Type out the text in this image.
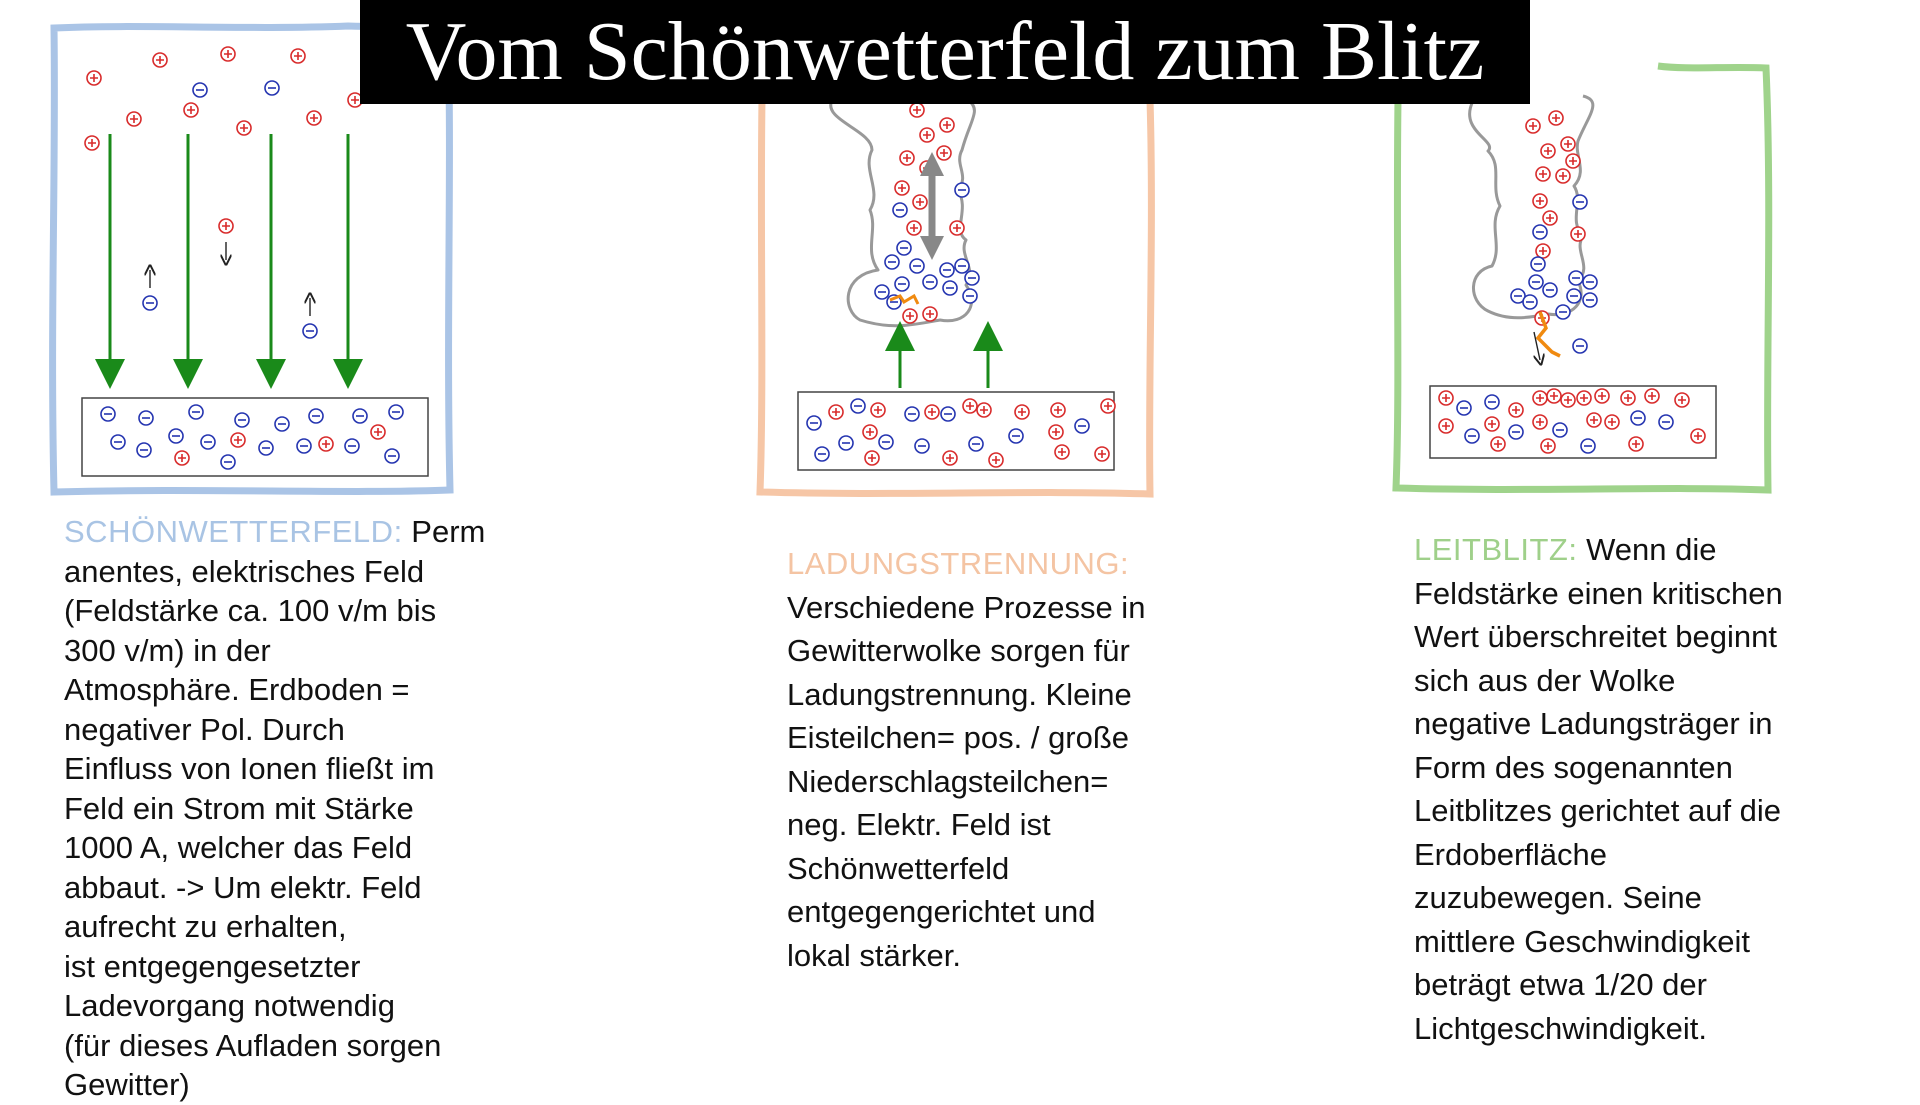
Vom Schönwetterfeld zum Blitz

SCHÖNWETTERFELD: Perm

anentes, elektrisches Feld

(Feldstärke ca. 100 v/m bis

300 v/m) in der

Atmosphäre. Erdboden =

negativer Pol. Durch

Einfluss von Ionen fließt im

Feld ein Strom mit Stärke

1000 A, welcher das Feld

abbaut. -> Um elektr. Feld

aufrecht zu erhalten,

ist entgegengesetzter

Ladevorgang notwendig

(für dieses Aufladen sorgen

Gewitter)

LADUNGSTRENNUNG:

Verschiedene Prozesse in

Gewitterwolke sorgen für

Ladungstrennung. Kleine

Eisteilchen= pos. / große

Niederschlagsteilchen=

neg. Elektr. Feld ist

Schönwetterfeld

entgegengerichtet und

lokal stärker.

LEITBLITZ: Wenn die

Feldstärke einen kritischen

Wert überschreitet beginnt

sich aus der Wolke

negative Ladungsträger in

Form des sogenannten

Leitblitzes gerichtet auf die

Erdoberfläche

zuzubewegen. Seine

mittlere Geschwindigkeit

beträgt etwa 1/20 der

Lichtgeschwindigkeit.
